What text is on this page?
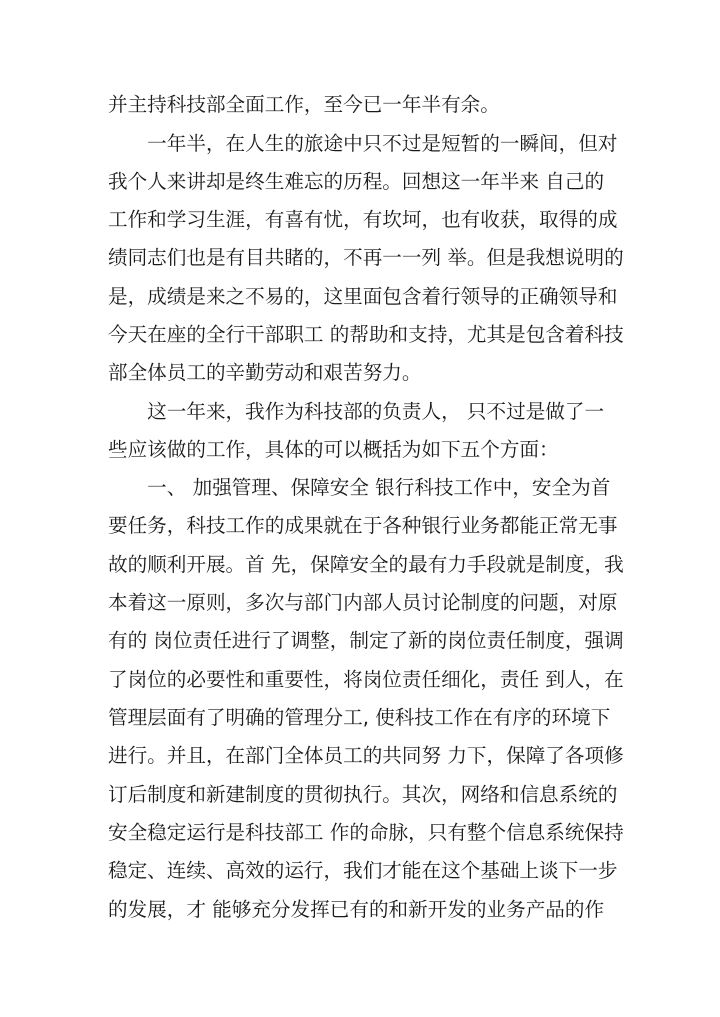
并主持科技部全面工作，至今已一年半有余。
　　一年半，在人生的旅途中只不过是短暂的一瞬间，但对
我个人来讲却是终生难忘的历程。回想这一年半来 自己的
工作和学习生涯，有喜有忧，有坎坷，也有收获，取得的成
绩同志们也是有目共睹的，不再一一列 举。但是我想说明的
是，成绩是来之不易的，这里面包含着行领导的正确领导和
今天在座的全行干部职工 的帮助和支持，尤其是包含着科技
部全体员工的辛勤劳动和艰苦努力。
　　这一年来，我作为科技部的负责人， 只不过是做了一
些应该做的工作，具体的可以概括为如下五个方面：
　　一、 加强管理、保障安全 银行科技工作中，安全为首
要任务，科技工作的成果就在于各种银行业务都能正常无事
故的顺利开展。首 先，保障安全的最有力手段就是制度，我
本着这一原则，多次与部门内部人员讨论制度的问题，对原
有的 岗位责任进行了调整，制定了新的岗位责任制度，强调
了岗位的必要性和重要性，将岗位责任细化，责任 到人，在
管理层面有了明确的管理分工, 使科技工作在有序的环境下
进行。并且，在部门全体员工的共同努 力下，保障了各项修
订后制度和新建制度的贯彻执行。其次，网络和信息系统的
安全稳定运行是科技部工 作的命脉，只有整个信息系统保持
稳定、连续、高效的运行，我们才能在这个基础上谈下一步
的发展，才 能够充分发挥已有的和新开发的业务产品的作
